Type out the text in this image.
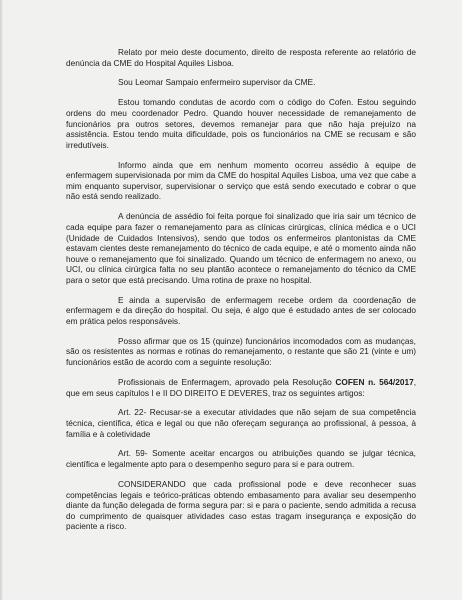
Relato por meio deste documento, direito de resposta referente ao relatório de denúncia da CME do Hospital Aquiles Lisboa.

Sou Leomar Sampaio enfermeiro supervisor da CME.

Estou tomando condutas de acordo com o código do Cofen. Estou seguindo ordens do meu coordenador Pedro. Quando houver necessidade de remanejamento de funcionários pra outros setores, devemos remanejar para que não haja prejuízo na assistência. Estou tendo muita dificuldade, pois os funcionários na CME se recusam e são irredutíveis.

Informo ainda que em nenhum momento ocorreu assédio à equipe de enfermagem supervisionada por mim da CME do hospital Aquiles Lisboa, uma vez que cabe a mim enquanto supervisor, supervisionar o serviço que está sendo executado e cobrar o que não está sendo realizado.

A denúncia de assédio foi feita porque foi sinalizado que iria sair um técnico de cada equipe para fazer o remanejamento para as clínicas cirúrgicas, clínica médica e o UCI (Unidade de Cuidados Intensivos), sendo que todos os enfermeiros plantonistas da CME estavam cientes deste remanejamento do técnico de cada equipe, e até o momento ainda não houve o remanejamento que foi sinalizado. Quando um técnico de enfermagem no anexo, ou UCI, ou clínica cirúrgica falta no seu plantão acontece o remanejamento do técnico da CME para o setor que está precisando. Uma rotina de praxe no hospital.

E ainda a supervisão de enfermagem recebe ordem da coordenação de enfermagem e da direção do hospital. Ou seja, é algo que é estudado antes de ser colocado em prática pelos responsáveis.

Posso afirmar que os 15 (quinze) funcionários incomodados com as mudanças, são os resistentes as normas e rotinas do remanejamento, o restante que são 21 (vinte e um) funcionários estão de acordo com a seguinte resolução:

Profissionais de Enfermagem, aprovado pela Resolução COFEN n. 564/2017, que em seus capítulos I e II DO DIREITO E DEVERES, traz os seguintes artigos:

Art. 22- Recusar-se a executar atividades que não sejam de sua competência técnica, científica, ética e legal ou que não ofereçam segurança ao profissional, à pessoa, à família e à coletividade

Art. 59- Somente aceitar encargos ou atribuições quando se julgar técnica, científica e legalmente apto para o desempenho seguro para si e para outrem.

CONSIDERANDO que cada profissional pode e deve reconhecer suas competências legais e teórico-práticas obtendo embasamento para avaliar seu desempenho diante da função delegada de forma segura par: si e para o paciente, sendo admitida a recusa do cumprimento de quaisquer atividades caso estas tragam insegurança e exposição do paciente a risco.
